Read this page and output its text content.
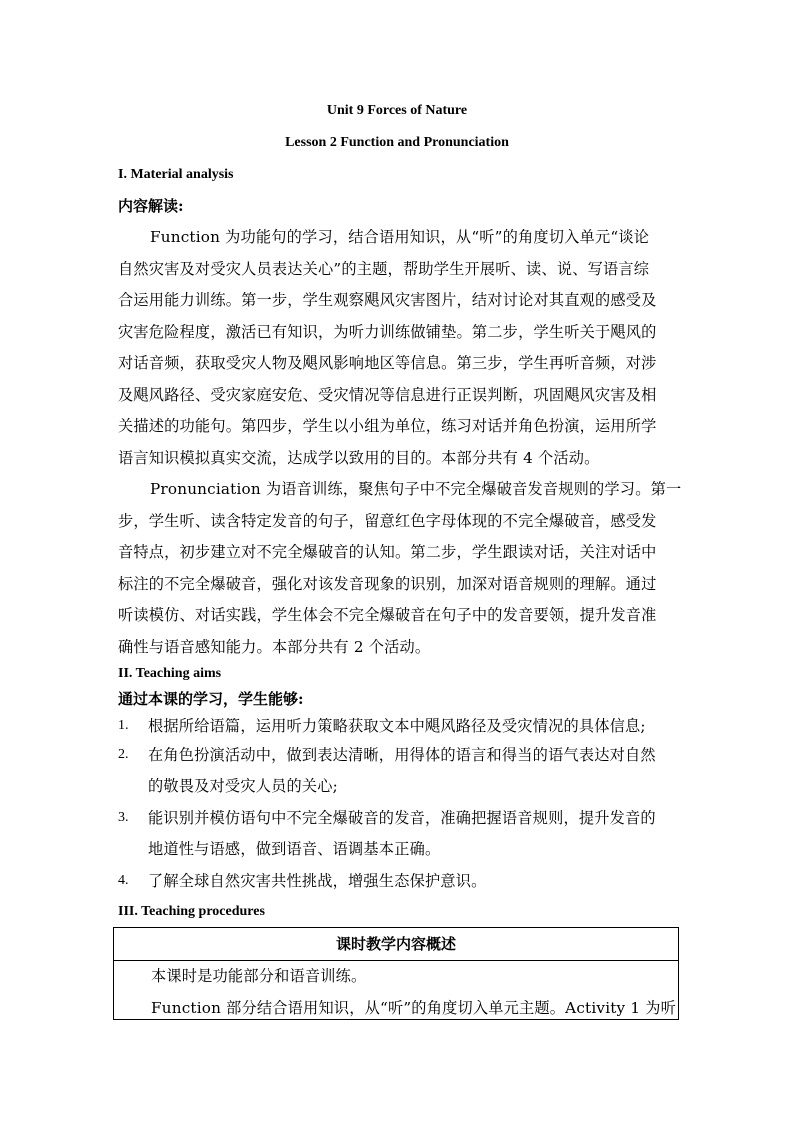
Unit 9 Forces of Nature
Lesson 2 Function and Pronunciation
I. Material analysis
内容解读:
Function 为功能句的学习，结合语用知识，从“听”的角度切入单元“谈论
自然灾害及对受灾人员表达关心”的主题，帮助学生开展听、读、说、写语言综
合运用能力训练。第一步，学生观察飓风灾害图片，结对讨论对其直观的感受及
灾害危险程度，激活已有知识，为听力训练做铺垫。第二步，学生听关于飓风的
对话音频，获取受灾人物及飓风影响地区等信息。第三步，学生再听音频，对涉
及飓风路径、受灾家庭安危、受灾情况等信息进行正误判断，巩固飓风灾害及相
关描述的功能句。第四步，学生以小组为单位，练习对话并角色扮演，运用所学
语言知识模拟真实交流，达成学以致用的目的。本部分共有 4 个活动。
Pronunciation 为语音训练，聚焦句子中不完全爆破音发音规则的学习。第一
步，学生听、读含特定发音的句子，留意红色字母体现的不完全爆破音，感受发
音特点，初步建立对不完全爆破音的认知。第二步，学生跟读对话，关注对话中
标注的不完全爆破音，强化对该发音现象的识别，加深对语音规则的理解。通过
听读模仿、对话实践，学生体会不完全爆破音在句子中的发音要领，提升发音准
确性与语音感知能力。本部分共有 2 个活动。
II. Teaching aims
通过本课的学习，学生能够:
1. 根据所给语篇，运用听力策略获取文本中飓风路径及受灾情况的具体信息;
2. 在角色扮演活动中，做到表达清晰，用得体的语言和得当的语气表达对自然
的敬畏及对受灾人员的关心;
3. 能识别并模仿语句中不完全爆破音的发音，准确把握语音规则，提升发音的
地道性与语感，做到语音、语调基本正确。
4. 了解全球自然灾害共性挑战，增强生态保护意识。
III. Teaching procedures
课时教学内容概述
本课时是功能部分和语音训练。
Function 部分结合语用知识，从“听”的角度切入单元主题。Activity 1 为听
